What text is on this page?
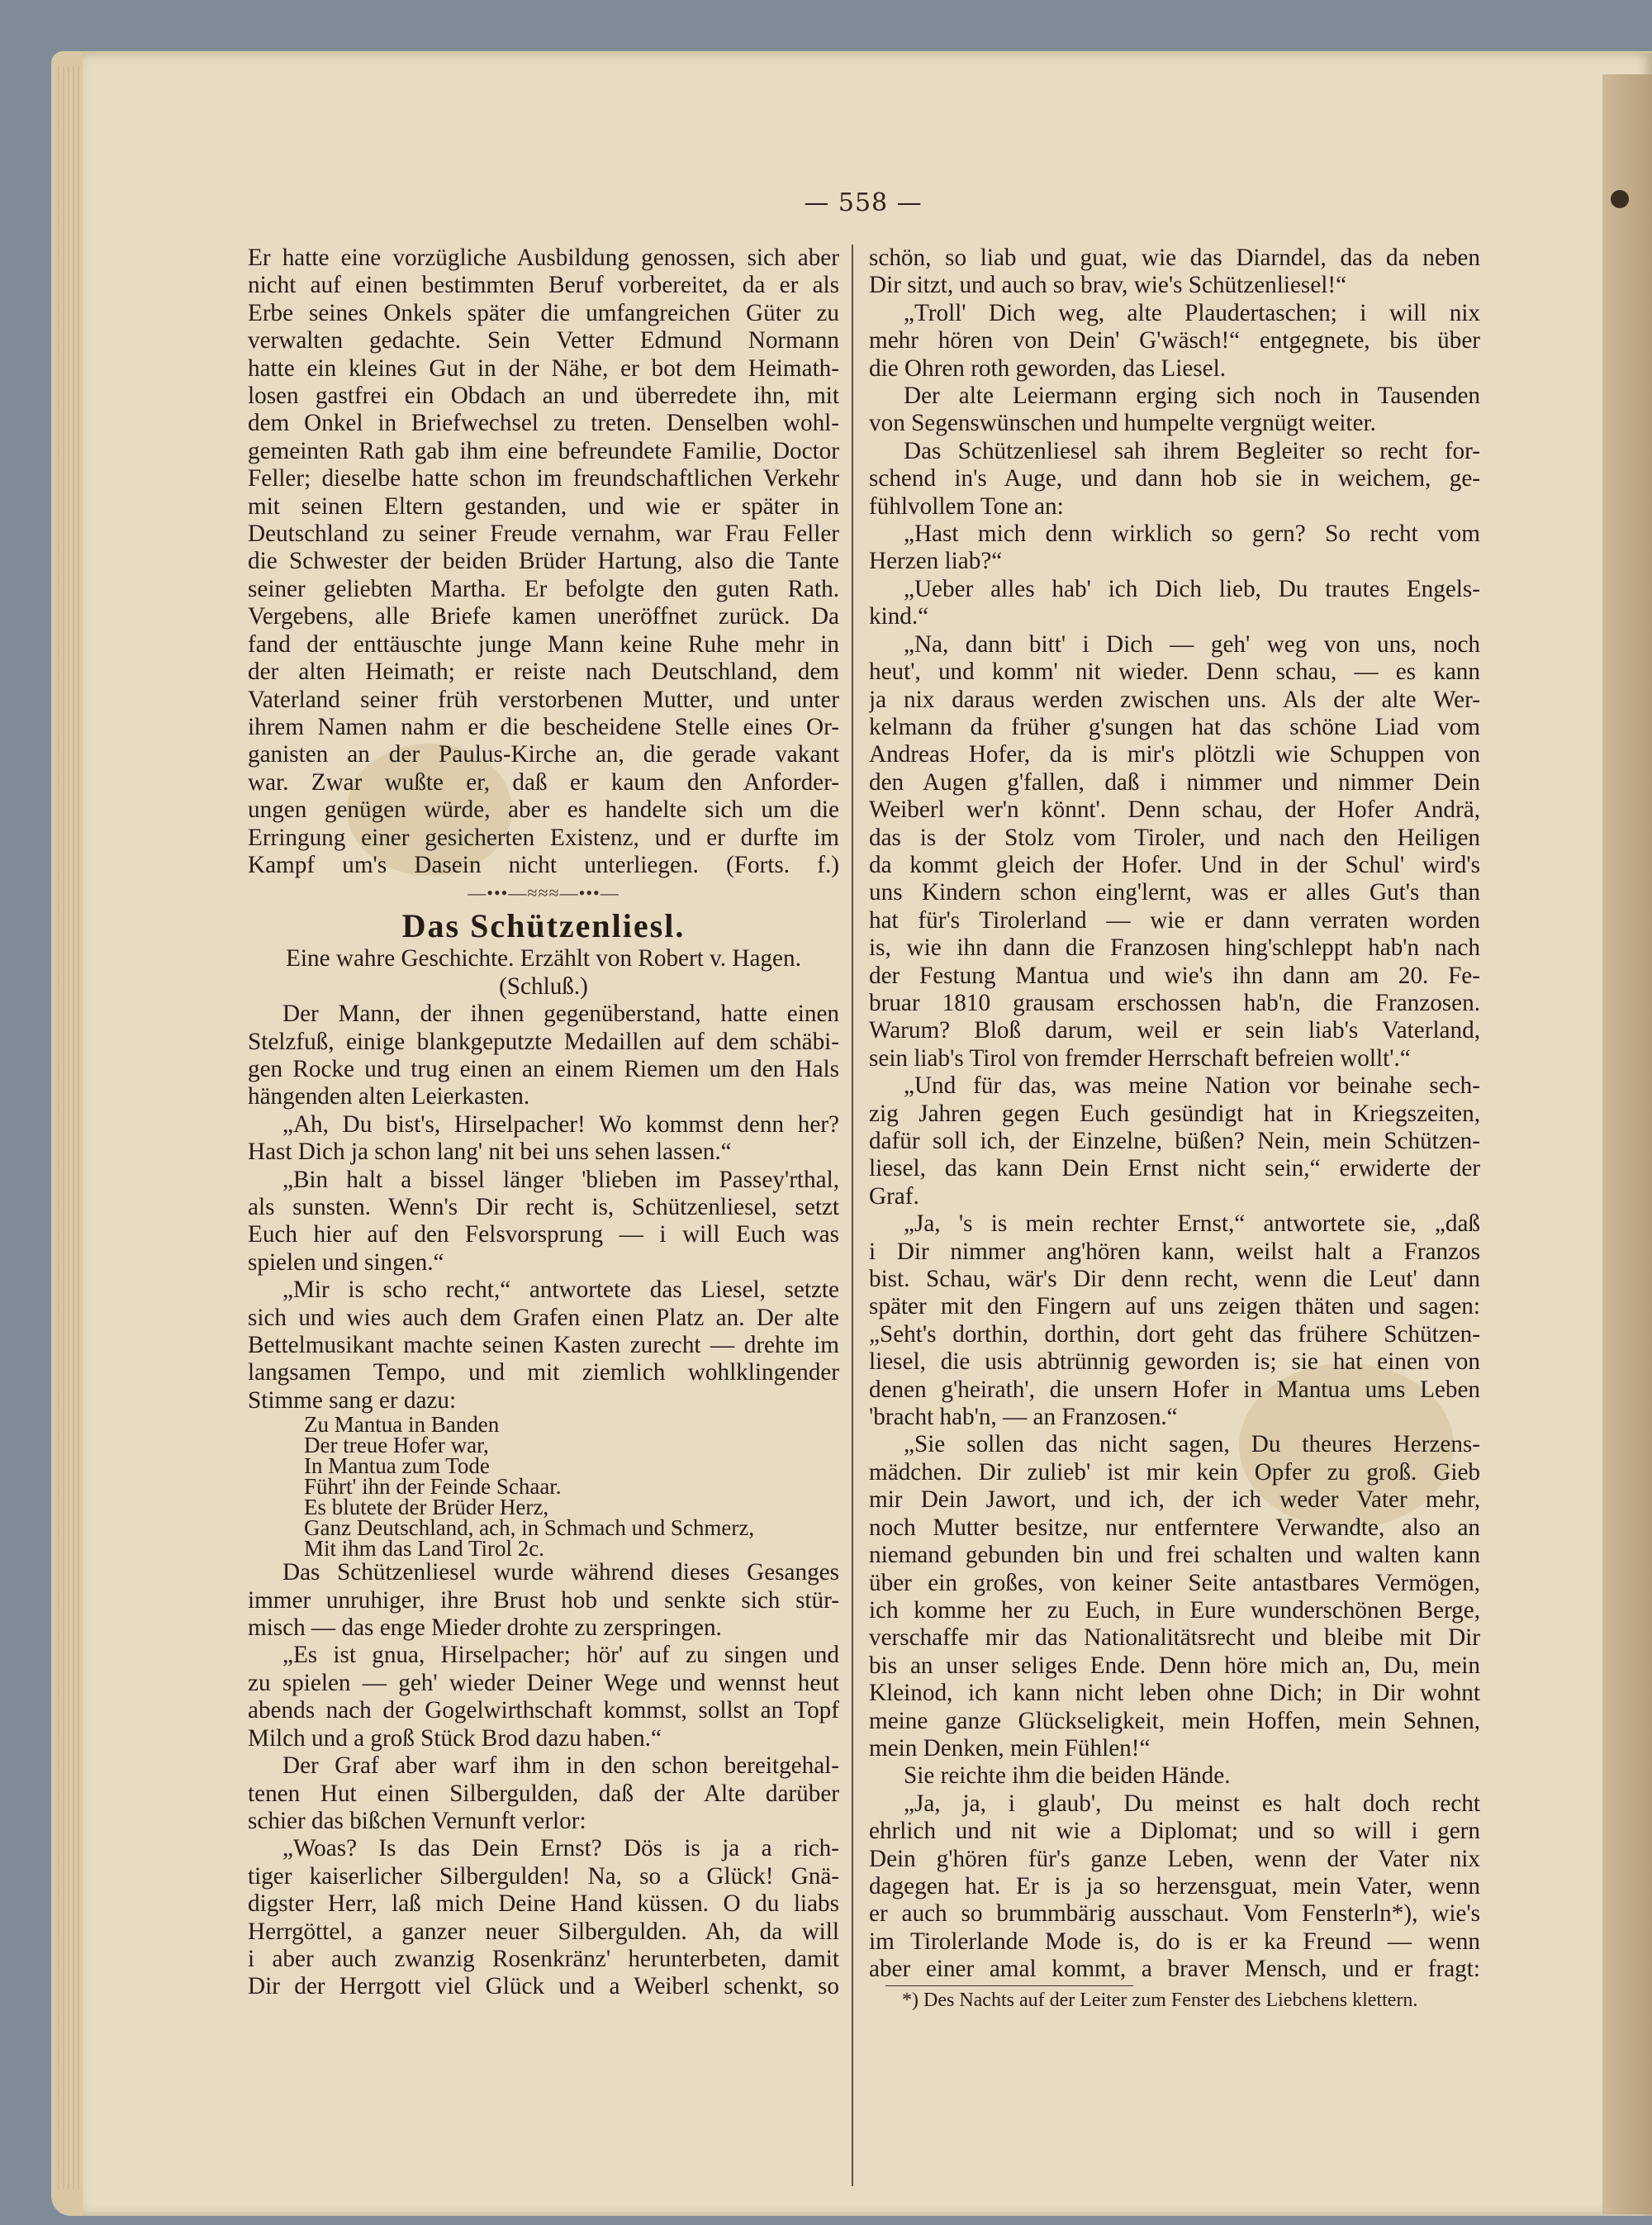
— 558 —
Er hatte eine vorzügliche Ausbildung genossen, sich aber
nicht auf einen bestimmten Beruf vorbereitet, da er als
Erbe seines Onkels später die umfangreichen Güter zu
verwalten gedachte. Sein Vetter Edmund Normann
hatte ein kleines Gut in der Nähe, er bot dem Heimath-
losen gastfrei ein Obdach an und überredete ihn, mit
dem Onkel in Briefwechsel zu treten. Denselben wohl-
gemeinten Rath gab ihm eine befreundete Familie, Doctor
Feller; dieselbe hatte schon im freundschaftlichen Verkehr
mit seinen Eltern gestanden, und wie er später in
Deutschland zu seiner Freude vernahm, war Frau Feller
die Schwester der beiden Brüder Hartung, also die Tante
seiner geliebten Martha. Er befolgte den guten Rath.
Vergebens, alle Briefe kamen uneröffnet zurück. Da
fand der enttäuschte junge Mann keine Ruhe mehr in
der alten Heimath; er reiste nach Deutschland, dem
Vaterland seiner früh verstorbenen Mutter, und unter
ihrem Namen nahm er die bescheidene Stelle eines Or-
ganisten an der Paulus-Kirche an, die gerade vakant
war. Zwar wußte er, daß er kaum den Anforder-
ungen genügen würde, aber es handelte sich um die
Erringung einer gesicherten Existenz, und er durfte im
Kampf um's Dasein nicht unterliegen. (Forts. f.)
—•••—≈≈≈—•••—
Das Schützenliesl.
Eine wahre Geschichte. Erzählt von Robert v. Hagen.
(Schluß.)
Der Mann, der ihnen gegenüberstand, hatte einen
Stelzfuß, einige blankgeputzte Medaillen auf dem schäbi-
gen Rocke und trug einen an einem Riemen um den Hals
hängenden alten Leierkasten.
„Ah, Du bist's, Hirselpacher! Wo kommst denn her?
Hast Dich ja schon lang' nit bei uns sehen lassen.“
„Bin halt a bissel länger 'blieben im Passey'rthal,
als sunsten. Wenn's Dir recht is, Schützenliesel, setzt
Euch hier auf den Felsvorsprung — i will Euch was
spielen und singen.“
„Mir is scho recht,“ antwortete das Liesel, setzte
sich und wies auch dem Grafen einen Platz an. Der alte
Bettelmusikant machte seinen Kasten zurecht — drehte im
langsamen Tempo, und mit ziemlich wohlklingender
Stimme sang er dazu:
Zu Mantua in Banden
Der treue Hofer war,
In Mantua zum Tode
Führt' ihn der Feinde Schaar.
Es blutete der Brüder Herz,
Ganz Deutschland, ach, in Schmach und Schmerz,
Mit ihm das Land Tirol 2c.
Das Schützenliesel wurde während dieses Gesanges
immer unruhiger, ihre Brust hob und senkte sich stür-
misch — das enge Mieder drohte zu zerspringen.
„Es ist gnua, Hirselpacher; hör' auf zu singen und
zu spielen — geh' wieder Deiner Wege und wennst heut
abends nach der Gogelwirthschaft kommst, sollst an Topf
Milch und a groß Stück Brod dazu haben.“
Der Graf aber warf ihm in den schon bereitgehal-
tenen Hut einen Silbergulden, daß der Alte darüber
schier das bißchen Vernunft verlor:
„Woas? Is das Dein Ernst? Dös is ja a rich-
tiger kaiserlicher Silbergulden! Na, so a Glück! Gnä-
digster Herr, laß mich Deine Hand küssen. O du liabs
Herrgöttel, a ganzer neuer Silbergulden. Ah, da will
i aber auch zwanzig Rosenkränz' herunterbeten, damit
Dir der Herrgott viel Glück und a Weiberl schenkt, so
schön, so liab und guat, wie das Diarndel, das da neben
Dir sitzt, und auch so brav, wie's Schützenliesel!“
„Troll' Dich weg, alte Plaudertaschen; i will nix
mehr hören von Dein' G'wäsch!“ entgegnete, bis über
die Ohren roth geworden, das Liesel.
Der alte Leiermann erging sich noch in Tausenden
von Segenswünschen und humpelte vergnügt weiter.
Das Schützenliesel sah ihrem Begleiter so recht for-
schend in's Auge, und dann hob sie in weichem, ge-
fühlvollem Tone an:
„Hast mich denn wirklich so gern? So recht vom
Herzen liab?“
„Ueber alles hab' ich Dich lieb, Du trautes Engels-
kind.“
„Na, dann bitt' i Dich — geh' weg von uns, noch
heut', und komm' nit wieder. Denn schau, — es kann
ja nix daraus werden zwischen uns. Als der alte Wer-
kelmann da früher g'sungen hat das schöne Liad vom
Andreas Hofer, da is mir's plötzli wie Schuppen von
den Augen g'fallen, daß i nimmer und nimmer Dein
Weiberl wer'n könnt'. Denn schau, der Hofer Andrä,
das is der Stolz vom Tiroler, und nach den Heiligen
da kommt gleich der Hofer. Und in der Schul' wird's
uns Kindern schon eing'lernt, was er alles Gut's than
hat für's Tirolerland — wie er dann verraten worden
is, wie ihn dann die Franzosen hing'schleppt hab'n nach
der Festung Mantua und wie's ihn dann am 20. Fe-
bruar 1810 grausam erschossen hab'n, die Franzosen.
Warum? Bloß darum, weil er sein liab's Vaterland,
sein liab's Tirol von fremder Herrschaft befreien wollt'.“
„Und für das, was meine Nation vor beinahe sech-
zig Jahren gegen Euch gesündigt hat in Kriegszeiten,
dafür soll ich, der Einzelne, büßen? Nein, mein Schützen-
liesel, das kann Dein Ernst nicht sein,“ erwiderte der
Graf.
„Ja, 's is mein rechter Ernst,“ antwortete sie, „daß
i Dir nimmer ang'hören kann, weilst halt a Franzos
bist. Schau, wär's Dir denn recht, wenn die Leut' dann
später mit den Fingern auf uns zeigen thäten und sagen:
„Seht's dorthin, dorthin, dort geht das frühere Schützen-
liesel, die usis abtrünnig geworden is; sie hat einen von
denen g'heirath', die unsern Hofer in Mantua ums Leben
'bracht hab'n, — an Franzosen.“
„Sie sollen das nicht sagen, Du theures Herzens-
mädchen. Dir zulieb' ist mir kein Opfer zu groß. Gieb
mir Dein Jawort, und ich, der ich weder Vater mehr,
noch Mutter besitze, nur entferntere Verwandte, also an
niemand gebunden bin und frei schalten und walten kann
über ein großes, von keiner Seite antastbares Vermögen,
ich komme her zu Euch, in Eure wunderschönen Berge,
verschaffe mir das Nationalitätsrecht und bleibe mit Dir
bis an unser seliges Ende. Denn höre mich an, Du, mein
Kleinod, ich kann nicht leben ohne Dich; in Dir wohnt
meine ganze Glückseligkeit, mein Hoffen, mein Sehnen,
mein Denken, mein Fühlen!“
Sie reichte ihm die beiden Hände.
„Ja, ja, i glaub', Du meinst es halt doch recht
ehrlich und nit wie a Diplomat; und so will i gern
Dein g'hören für's ganze Leben, wenn der Vater nix
dagegen hat. Er is ja so herzensguat, mein Vater, wenn
er auch so brummbärig ausschaut. Vom Fensterln*), wie's
im Tirolerlande Mode is, do is er ka Freund — wenn
aber einer amal kommt, a braver Mensch, und er fragt:
*) Des Nachts auf der Leiter zum Fenster des Liebchens klettern.
